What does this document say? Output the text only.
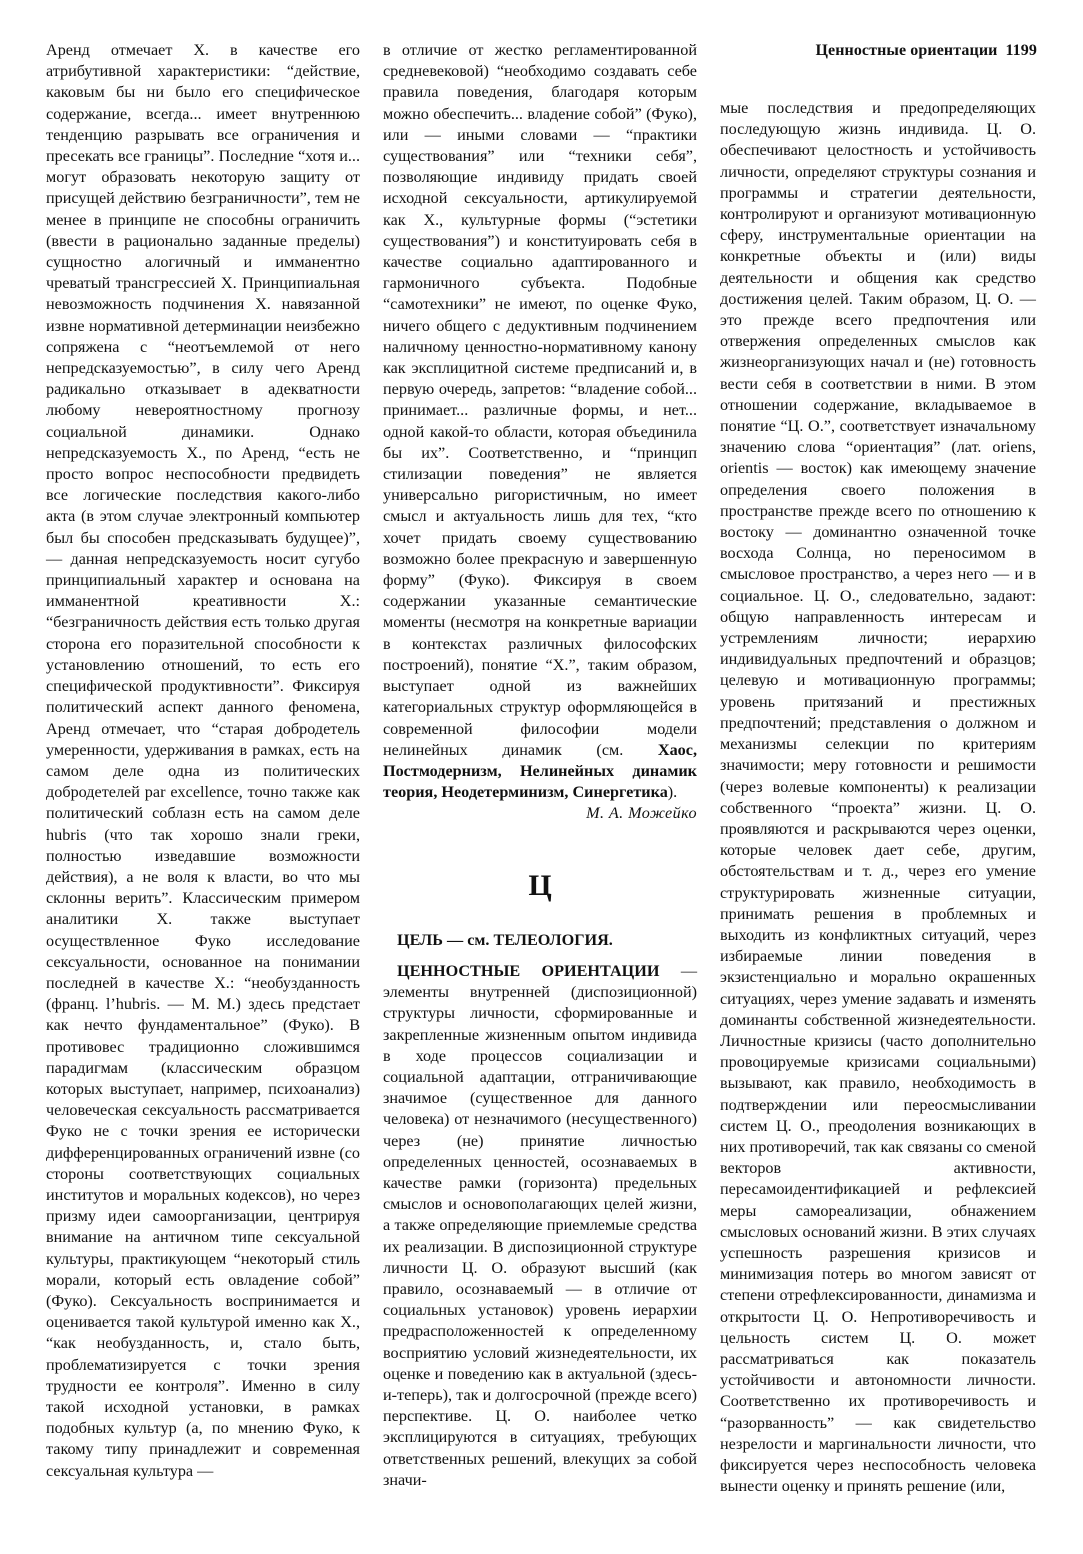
Ценностные ориентации 1199

Аренд отмечает Х. в качестве его атрибутивной характеристики: “действие, каковым бы ни было его специфическое содержание, всегда... имеет внутреннюю тенденцию разрывать все ограничения и пресекать все границы”. Последние “хотя и... могут образовать некоторую защиту от присущей действию безграничности”, тем не менее в принципе не способны ограничить (ввести в рационально заданные пределы) сущностно алогичный и имманентно чреватый трансгрессией Х. Принципиальная невозможность подчинения Х. навязанной извне нормативной детерминации неизбежно сопряжена с “неотъемлемой от него непредсказуемостью”, в силу чего Аренд радикально отказывает в адекватности любому невероятностному прогнозу социальной динамики. Однако непредсказуемость Х., по Аренд, “есть не просто вопрос неспособности предвидеть все логические последствия какого-либо акта (в этом случае электронный компьютер был бы способен предсказывать будущее)”, — данная непредсказуемость носит сугубо принципиальный характер и основана на имманентной креативности Х.: “безграничность действия есть только другая сторона его поразительной способности к установлению отношений, то есть его специфической продуктивности”. Фиксируя политический аспект данного феномена, Аренд отмечает, что “старая добродетель умеренности, удерживания в рамках, есть на самом деле одна из политических добродетелей par excellence, точно также как политический соблазн есть на самом деле hubris (что так хорошо знали греки, полностью изведавшие возможности действия), а не воля к власти, во что мы склонны верить”. Классическим примером аналитики Х. также выступает осуществленное Фуко исследование сексуальности, основанное на понимании последней в качестве Х.: “необузданность (франц. l’hubris. — М. М.) здесь предстает как нечто фундаментальное” (Фуко). В противовес традиционно сложившимся парадигмам (классическим образцом которых выступает, например, психоанализ) человеческая сексуальность рассматривается Фуко не с точки зрения ее исторически дифференцированных ограничений извне (со стороны соответствующих социальных институтов и моральных кодексов), но через призму идеи самоорганизации, центрируя внимание на античном типе сексуальной культуры, практикующем “некоторый стиль морали, который есть овладение собой” (Фуко). Сексуальность воспринимается и оценивается такой культурой именно как Х., “как необузданность, и, стало быть, проблематизируется с точки зрения трудности ее контроля”. Именно в силу такой исходной установки, в рамках подобных культур (а, по мнению Фуко, к такому типу принадлежит и современная сексуальная культура —

в отличие от жестко регламентированной средневековой) “необходимо создавать себе правила поведения, благодаря которым можно обеспечить... владение собой” (Фуко), или — иными словами — “практики существования” или “техники себя”, позволяющие индивиду придать своей исходной сексуальности, артикулируемой как Х., культурные формы (“эстетики существования”) и конституировать себя в качестве социально адаптированного и гармоничного субъекта. Подобные “самотехники” не имеют, по оценке Фуко, ничего общего с дедуктивным подчинением наличному ценностно-нормативному канону как эксплицитной системе предписаний и, в первую очередь, запретов: “владение собой... принимает... различные формы, и нет... одной какой-то области, которая объединила бы их”. Соответственно, и “принцип стилизации поведения” не является универсально ригористичным, но имеет смысл и актуальность лишь для тех, “кто хочет придать своему существованию возможно более прекрасную и завершенную форму” (Фуко). Фиксируя в своем содержании указанные семантические моменты (несмотря на конкретные вариации в контекстах различных философских построений), понятие “Х.”, таким образом, выступает одной из важнейших категориальных структур оформляющейся в современной философии модели нелинейных динамик (см. Хаос, Постмодернизм, Нелинейных динамик теория, Неодетерминизм, Синергетика).

М. А. Можейко

Ц

ЦЕЛЬ — см. ТЕЛЕОЛОГИЯ.

ЦЕННОСТНЫЕ ОРИЕНТАЦИИ — элементы внутренней (диспозиционной) структуры личности, сформированные и закрепленные жизненным опытом индивида в ходе процессов социализации и социальной адаптации, отграничивающие значимое (существенное для данного человека) от незначимого (несущественного) через (не) принятие личностью определенных ценностей, осознаваемых в качестве рамки (горизонта) предельных смыслов и основополагающих целей жизни, а также определяющие приемлемые средства их реализации. В диспозиционной структуре личности Ц. О. образуют высший (как правило, осознаваемый — в отличие от социальных установок) уровень иерархии предрасположенностей к определенному восприятию условий жизнедеятельности, их оценке и поведению как в актуальной (здесь-и-теперь), так и долгосрочной (прежде всего) перспективе. Ц. О. наиболее четко эксплицируются в ситуациях, требующих ответственных решений, влекущих за собой значи-

мые последствия и предопределяющих последующую жизнь индивида. Ц. О. обеспечивают целостность и устойчивость личности, определяют структуры сознания и программы и стратегии деятельности, контролируют и организуют мотивационную сферу, инструментальные ориентации на конкретные объекты и (или) виды деятельности и общения как средство достижения целей. Таким образом, Ц. О. — это прежде всего предпочтения или отвержения определенных смыслов как жизнеорганизующих начал и (не) готовность вести себя в соответствии в ними. В этом отношении содержание, вкладываемое в понятие “Ц. О.”, соответствует изначальному значению слова “ориентация” (лат. oriens, orientis — восток) как имеющему значение определения своего положения в пространстве прежде всего по отношению к востоку — доминантно означенной точке восхода Солнца, но переносимом в смысловое пространство, а через него — и в социальное. Ц. О., следовательно, задают: общую направленность интересам и устремлениям личности; иерархию индивидуальных предпочтений и образцов; целевую и мотивационную программы; уровень притязаний и престижных предпочтений; представления о должном и механизмы селекции по критериям значимости; меру готовности и решимости (через волевые компоненты) к реализации собственного “проекта” жизни. Ц. О. проявляются и раскрываются через оценки, которые человек дает себе, другим, обстоятельствам и т. д., через его умение структурировать жизненные ситуации, принимать решения в проблемных и выходить из конфликтных ситуаций, через избираемые линии поведения в экзистенциально и морально окрашенных ситуациях, через умение задавать и изменять доминанты собственной жизнедеятельности. Личностные кризисы (часто дополнительно провоцируемые кризисами социальными) вызывают, как правило, необходимость в подтверждении или переосмысливании систем Ц. О., преодоления возникающих в них противоречий, так как связаны со сменой векторов активности, пересамоидентификацией и рефлексией меры самореализации, обнажением смысловых оснований жизни. В этих случаях успешность разрешения кризисов и минимизация потерь во многом зависят от степени отрефлексированности, динамизма и открытости Ц. О. Непротиворечивость и цельность систем Ц. О. может рассматриваться как показатель устойчивости и автономности личности. Соответственно их противоречивость и “разорванность” — как свидетельство незрелости и маргинальности личности, что фиксируется через неспособность человека вынести оценку и принять решение (или,
